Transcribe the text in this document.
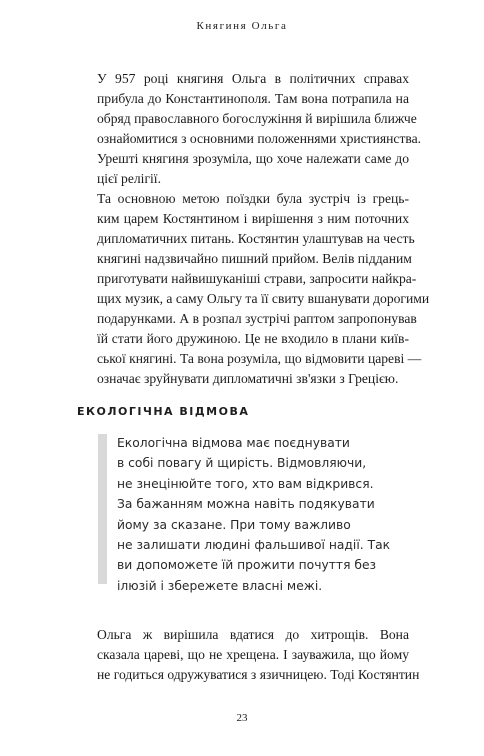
Княгиня Ольга

У 957 році княгиня Ольга в політичних справах
прибула до Константинополя. Там вона потрапила на
обряд православного богослужіння й вирішила ближче
ознайомитися з основними положеннями християнства.
Урешті княгиня зрозуміла, що хоче належати саме до
цієї релігії.

Та основною метою поїздки була зустріч із грець-
ким царем Костянтином і вирішення з ним поточних
дипломатичних питань. Костянтин улаштував на честь
княгині надзвичайно пишний прийом. Велів підданим
приготувати найвишуканіші страви, запросити найкра-
щих музик, а саму Ольгу та її свиту вшанувати дорогими
подарунками. А в розпал зустрічі раптом запропонував
їй стати його дружиною. Це не входило в плани київ-
ської княгині. Та вона розуміла, що відмовити цареві —
означає зруйнувати дипломатичні зв'язки з Грецією.

ЕКОЛОГІЧНА ВІДМОВА
Екологічна відмова має поєднувати
в собі повагу й щирість. Відмовляючи,
не знецінюйте того, хто вам відкрився.
За бажанням можна навіть подякувати
йому за сказане. При тому важливо
не залишати людині фальшивої надії. Так
ви допоможете їй прожити почуття без
ілюзій і збережете власні межі.

Ольга ж вирішила вдатися до хитрощів. Вона
сказала цареві, що не хрещена. І зауважила, що йому
не годиться одружуватися з язичницею. Тоді Костянтин

23
